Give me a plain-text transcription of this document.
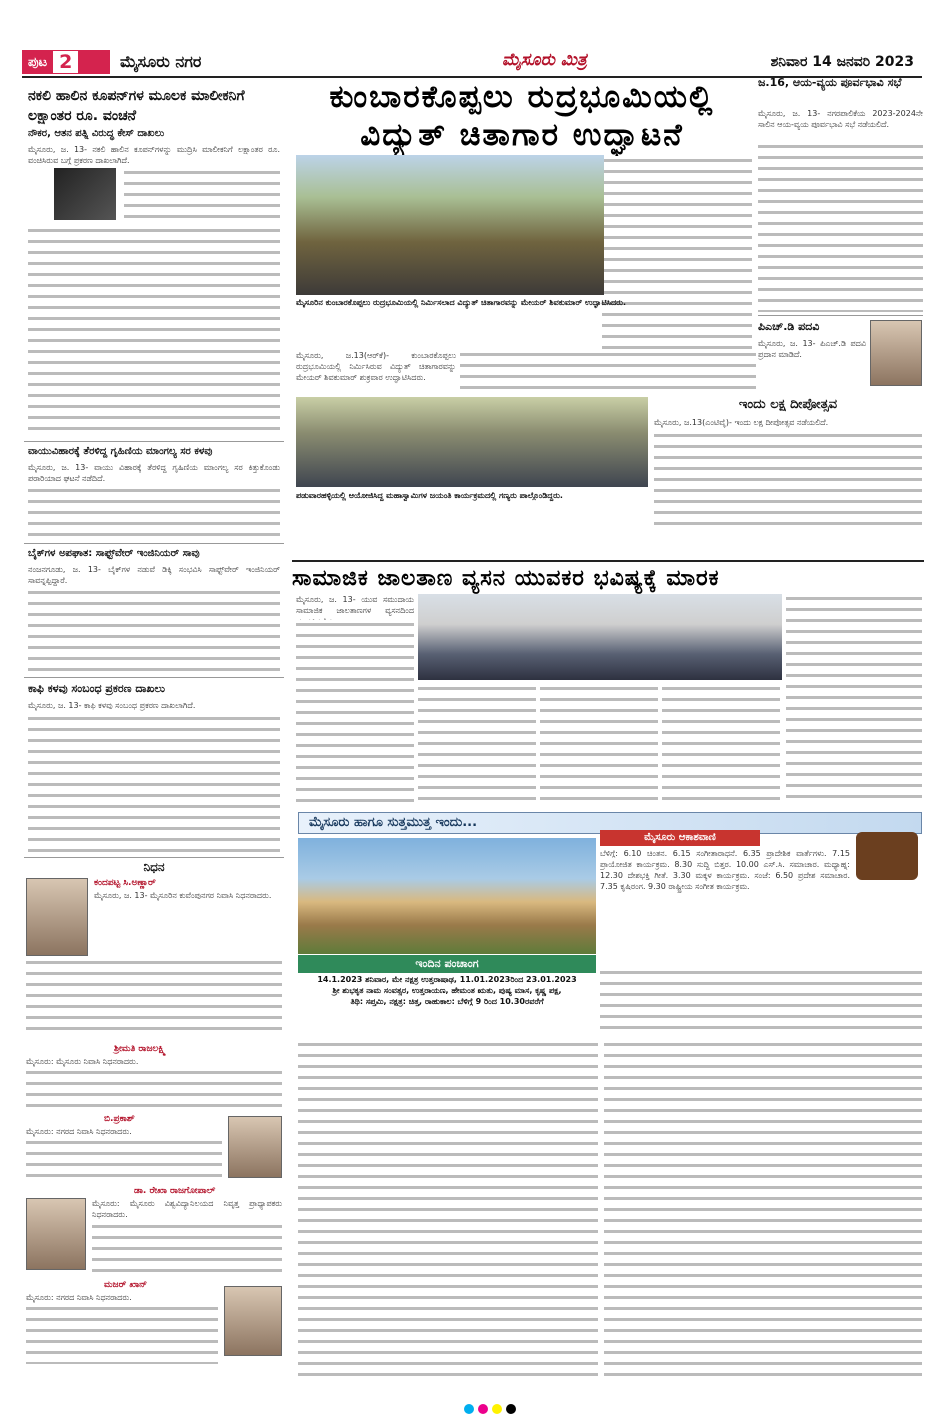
ಪುಟ 2	ಮೈಸೂರು ನಗರ	ಮೈಸೂರು ಮಿತ್ರ	ಶನಿವಾರ 14 ಜನವರಿ 2023
ನಕಲಿ ಹಾಲಿನ ಕೂಪನ್‌ಗಳ ಮೂಲಕ ಮಾಲೀಕನಿಗೆ ಲಕ್ಷಾಂತರ ರೂ. ವಂಚನೆ
ನೌಕರ, ಆತನ ಪತ್ನಿ ವಿರುದ್ಧ ಕೇಸ್ ದಾಖಲು
ಮೈಸೂರು, ಜ. 13- ನಕಲಿ ಹಾಲಿನ ಕೂಪನ್‌ಗಳನ್ನು ಮುದ್ರಿಸಿ ಮಾಲೀಕನಿಗೆ ಲಕ್ಷಾಂತರ ರೂ. ವಂಚಿಸಿರುವ ಬಗ್ಗೆ ಪ್ರಕರಣ ದಾಖಲಾಗಿದೆ.
ವಾಯುವಿಹಾರಕ್ಕೆ ತೆರಳಿದ್ದ ಗೃಹಿಣಿಯ ಮಾಂಗಲ್ಯ ಸರ ಕಳವು
ಮೈಸೂರು, ಜ. 13- ವಾಯು ವಿಹಾರಕ್ಕೆ ತೆರಳಿದ್ದ ಗೃಹಿಣಿಯ ಮಾಂಗಲ್ಯ ಸರ ಕಿತ್ತುಕೊಂಡು ಪರಾರಿಯಾದ ಘಟನೆ ನಡೆದಿದೆ.
ಬೈಕ್‌ಗಳ ಅಪಘಾತ: ಸಾಫ್ಟ್‌ವೇರ್ ಇಂಜಿನಿಯರ್ ಸಾವು
ನಂಜನಗೂಡು, ಜ. 13- ಬೈಕ್‌ಗಳ ನಡುವೆ ಡಿಕ್ಕಿ ಸಂಭವಿಸಿ ಸಾಫ್ಟ್‌ವೇರ್ ಇಂಜಿನಿಯರ್ ಸಾವನ್ನಪ್ಪಿದ್ದಾರೆ.
ಕಾಫಿ ಕಳವು ಸಂಬಂಧ ಪ್ರಕರಣ ದಾಖಲು
ಮೈಸೂರು, ಜ. 13- ಕಾಫಿ ಕಳವು ಸಂಬಂಧ ಪ್ರಕರಣ ದಾಖಲಾಗಿದೆ.
ನಿಧನ
ಕಂದಪಟ್ಟ ಸಿ.ಅಣ್ಣಾರ್
ಮೈಸೂರು, ಜ. 13- ಮೈಸೂರಿನ ಕುವೆಂಪುನಗರ ನಿವಾಸಿ ನಿಧನರಾದರು.
ಶ್ರೀಮತಿ ರಾಜಲಕ್ಷ್ಮಿ
ಮೈಸೂರು: ಮೈಸೂರು ನಿವಾಸಿ ನಿಧನರಾದರು.
ಬಿ.ಪ್ರಕಾಶ್
ಮೈಸೂರು: ನಗರದ ನಿವಾಸಿ ನಿಧನರಾದರು.
ಡಾ. ರೇಖಾ ರಾಜಗೋಪಾಲ್
ಮೈಸೂರು: ಮೈಸೂರು ವಿಶ್ವವಿದ್ಯಾನಿಲಯದ ನಿವೃತ್ತ ಪ್ರಾಧ್ಯಾಪಕರು ನಿಧನರಾದರು.
ಮಜರ್ ಖಾನ್
ಮೈಸೂರು: ನಗರದ ನಿವಾಸಿ ನಿಧನರಾದರು.
ಕುಂಬಾರಕೊಪ್ಪಲು ರುದ್ರಭೂಮಿಯಲ್ಲಿ
ವಿದ್ಯುತ್ ಚಿತಾಗಾರ ಉದ್ಘಾಟನೆ
ಮೈಸೂರಿನ ಕುಂಬಾರಕೊಪ್ಪಲು ರುದ್ರಭೂಮಿಯಲ್ಲಿ ನಿರ್ಮಿಸಲಾದ ವಿದ್ಯುತ್ ಚಿತಾಗಾರವನ್ನು ಮೇಯರ್ ಶಿವಕುಮಾರ್ ಉದ್ಘಾಟಿಸಿದರು.
ಮೈಸೂರು, ಜ.13(ಆರ್‌ಕೆ)- ಕುಂಬಾರಕೊಪ್ಪಲು ರುದ್ರಭೂಮಿಯಲ್ಲಿ ನಿರ್ಮಿಸಿರುವ ವಿದ್ಯುತ್ ಚಿತಾಗಾರವನ್ನು ಮೇಯರ್ ಶಿವಕುಮಾರ್ ಶುಕ್ರವಾರ ಉದ್ಘಾಟಿಸಿದರು.
ಪಡುವಾರಹಳ್ಳಿಯಲ್ಲಿ ಆಯೋಜಿಸಿದ್ದ ಮಹಾಸ್ವಾಮಿಗಳ ಜಯಂತಿ ಕಾರ್ಯಕ್ರಮದಲ್ಲಿ ಗಣ್ಯರು ಪಾಲ್ಗೊಂಡಿದ್ದರು.
ಜ.16, ಆಯ-ವ್ಯಯ ಪೂರ್ವಭಾವಿ ಸಭೆ
ಮೈಸೂರು, ಜ. 13- ನಗರಪಾಲಿಕೆಯ 2023-2024ನೇ ಸಾಲಿನ ಆಯ-ವ್ಯಯ ಪೂರ್ವಭಾವಿ ಸಭೆ ನಡೆಯಲಿದೆ.
ಪಿಎಚ್.ಡಿ ಪದವಿ
ಮೈಸೂರು, ಜ. 13- ಪಿಎಚ್.ಡಿ ಪದವಿ ಪ್ರದಾನ ಮಾಡಿದೆ.
ಇಂದು ಲಕ್ಷ ದೀಪೋತ್ಸವ
ಮೈಸೂರು, ಜ.13(ಎಂಟಿವೈ)- ಇಂದು ಲಕ್ಷ ದೀಪೋತ್ಸವ ನಡೆಯಲಿದೆ.
ಸಾಮಾಜಿಕ ಜಾಲತಾಣ ವ್ಯಸನ ಯುವಕರ ಭವಿಷ್ಯಕ್ಕೆ ಮಾರಕ
ಮೈಸೂರು, ಜ. 13- ಯುವ ಸಮುದಾಯ ಸಾಮಾಜಿಕ ಜಾಲತಾಣಗಳ ವ್ಯಸನದಿಂದ
ಮೈಸೂರು ಹಾಗೂ ಸುತ್ತಮುತ್ತ ಇಂದು...
ಇಂದಿನ ಪಂಚಾಂಗ
14.1.2023 ಶನಿವಾರ, ಮೇ ನಕ್ಷತ್ರ ಉತ್ತರಾಷಾಢ, 11.01.2023ರಿಂದ 23.01.2023
ಶ್ರೀ ಶುಭಕೃತ ನಾಮ ಸಂವತ್ಸರ, ಉತ್ತರಾಯಣ, ಹೇಮಂತ ಋತು, ಪುಷ್ಯ ಮಾಸ, ಕೃಷ್ಣ ಪಕ್ಷ,
ತಿಥಿ: ಸಪ್ತಮಿ, ನಕ್ಷತ್ರ: ಚಿತ್ತ, ರಾಹುಕಾಲ: ಬೆಳಿಗ್ಗೆ 9 ರಿಂದ 10.30ರವರೆಗೆ
ಮೈಸೂರು ಆಕಾಶವಾಣಿ
ಬೆಳಿಗ್ಗೆ: 6.10 ಚಿಂತನ. 6.15 ಸಂಗೀತಾರಾಧನೆ. 6.35 ಪ್ರಾದೇಶಿಕ ವಾರ್ತೆಗಳು. 7.15 ಪ್ರಾಯೋಜಿತ ಕಾರ್ಯಕ್ರಮ. 8.30 ಸುದ್ದಿ ಬಿತ್ತರ. 10.00 ಎಸ್.ಸಿ. ಸಮಾಚಾರ. ಮಧ್ಯಾಹ್ನ: 12.30 ದೇಶಭಕ್ತಿ ಗೀತೆ. 3.30 ಮಕ್ಕಳ ಕಾರ್ಯಕ್ರಮ. ಸಂಜೆ: 6.50 ಪ್ರದೇಶ ಸಮಾಚಾರ. 7.35 ಕೃಷಿರಂಗ. 9.30 ರಾಷ್ಟ್ರೀಯ ಸಂಗೀತ ಕಾರ್ಯಕ್ರಮ.
